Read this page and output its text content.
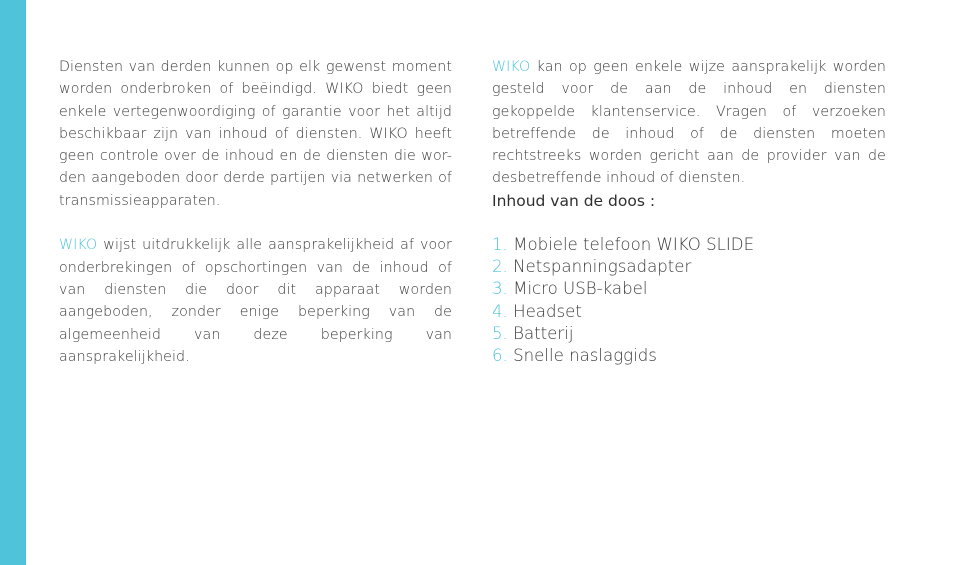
Diensten van derden kunnen op elk gewenst moment worden onderbroken of beëindigd. WIKO biedt geen enkele vertegenwoordiging of garantie voor het altijd beschikbaar zijn van inhoud of diensten. WIKO heeft geen controle over de inhoud en de diensten die wor-den aangeboden door derde partijen via netwerken of transmissieapparaten.

WIKO wijst uitdrukkelijk alle aansprakelijkheid af voor onderbrekingen of opschortingen van de inhoud of van diensten die door dit apparaat worden aangeboden, zonder enige beperking van de algemeenheid van deze beperking van aansprakelijkheid.

WIKO kan op geen enkele wijze aansprakelijk worden gesteld voor de aan de inhoud en diensten gekoppelde klantenservice. Vragen of verzoeken betreffende de inhoud of de diensten moeten rechtstreeks worden gericht aan de provider van de desbetreffende inhoud of diensten.

Inhoud van de doos :
1. Mobiele telefoon WIKO SLIDE
2. Netspanningsadapter
3. Micro USB-kabel
4. Headset
5. Batterij
6. Snelle naslaggids
